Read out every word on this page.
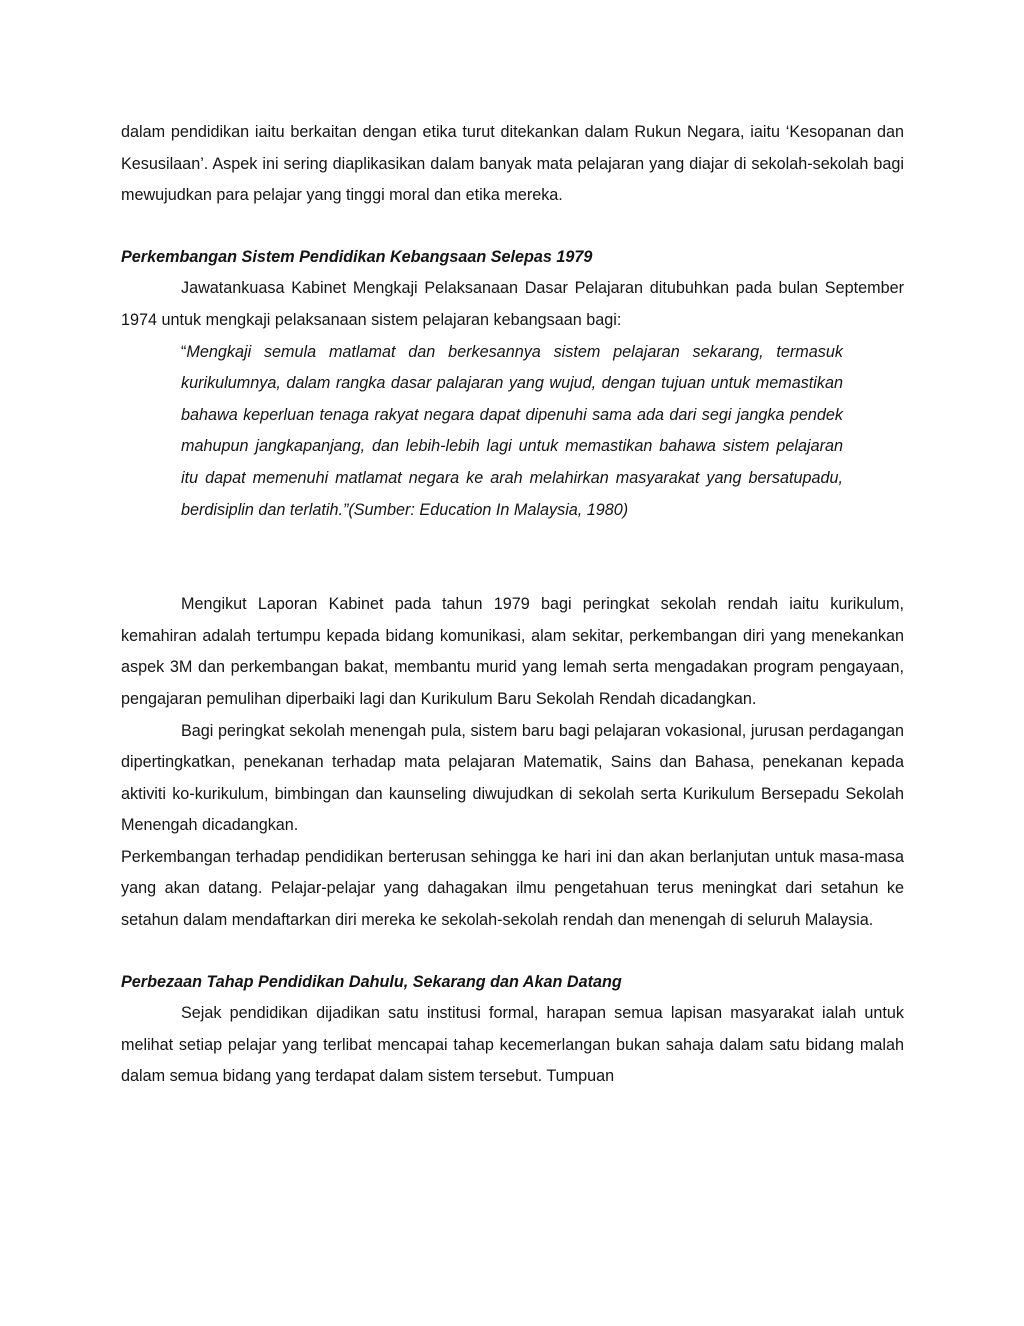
dalam pendidikan iaitu berkaitan dengan etika turut ditekankan dalam Rukun Negara, iaitu ‘Kesopanan dan Kesusilaan’. Aspek ini sering diaplikasikan dalam banyak mata pelajaran yang diajar di sekolah-sekolah bagi mewujudkan para pelajar yang tinggi moral dan etika mereka.

Perkembangan Sistem Pendidikan Kebangsaan Selepas 1979

Jawatankuasa Kabinet Mengkaji Pelaksanaan Dasar Pelajaran ditubuhkan pada bulan September 1974 untuk mengkaji pelaksanaan sistem pelajaran kebangsaan bagi:

“Mengkaji semula matlamat dan berkesannya sistem pelajaran sekarang, termasuk kurikulumnya, dalam rangka dasar palajaran yang wujud, dengan tujuan untuk memastikan bahawa keperluan tenaga rakyat negara dapat dipenuhi sama ada dari segi jangka pendek mahupun jangkapanjang, dan lebih-lebih lagi untuk memastikan bahawa sistem pelajaran itu dapat memenuhi matlamat negara ke arah melahirkan masyarakat yang bersatupadu, berdisiplin dan terlatih.”(Sumber: Education In Malaysia, 1980)

Mengikut Laporan Kabinet pada tahun 1979 bagi peringkat sekolah rendah iaitu kurikulum, kemahiran adalah tertumpu kepada bidang komunikasi, alam sekitar, perkembangan diri yang menekankan aspek 3M dan perkembangan bakat, membantu murid yang lemah serta mengadakan program pengayaan, pengajaran pemulihan diperbaiki lagi dan Kurikulum Baru Sekolah Rendah dicadangkan.

Bagi peringkat sekolah menengah pula, sistem baru bagi pelajaran vokasional, jurusan perdagangan dipertingkatkan, penekanan terhadap mata pelajaran Matematik, Sains dan Bahasa, penekanan kepada aktiviti ko-kurikulum, bimbingan dan kaunseling diwujudkan di sekolah serta Kurikulum Bersepadu Sekolah Menengah dicadangkan.

Perkembangan terhadap pendidikan berterusan sehingga ke hari ini dan akan berlanjutan untuk masa-masa yang akan datang. Pelajar-pelajar yang dahagakan ilmu pengetahuan terus meningkat dari setahun ke setahun dalam mendaftarkan diri mereka ke sekolah-sekolah rendah dan menengah di seluruh Malaysia.

Perbezaan Tahap Pendidikan Dahulu, Sekarang dan Akan Datang

Sejak pendidikan dijadikan satu institusi formal, harapan semua lapisan masyarakat ialah untuk melihat setiap pelajar yang terlibat mencapai tahap kecemerlangan bukan sahaja dalam satu bidang malah dalam semua bidang yang terdapat dalam sistem tersebut. Tumpuan
